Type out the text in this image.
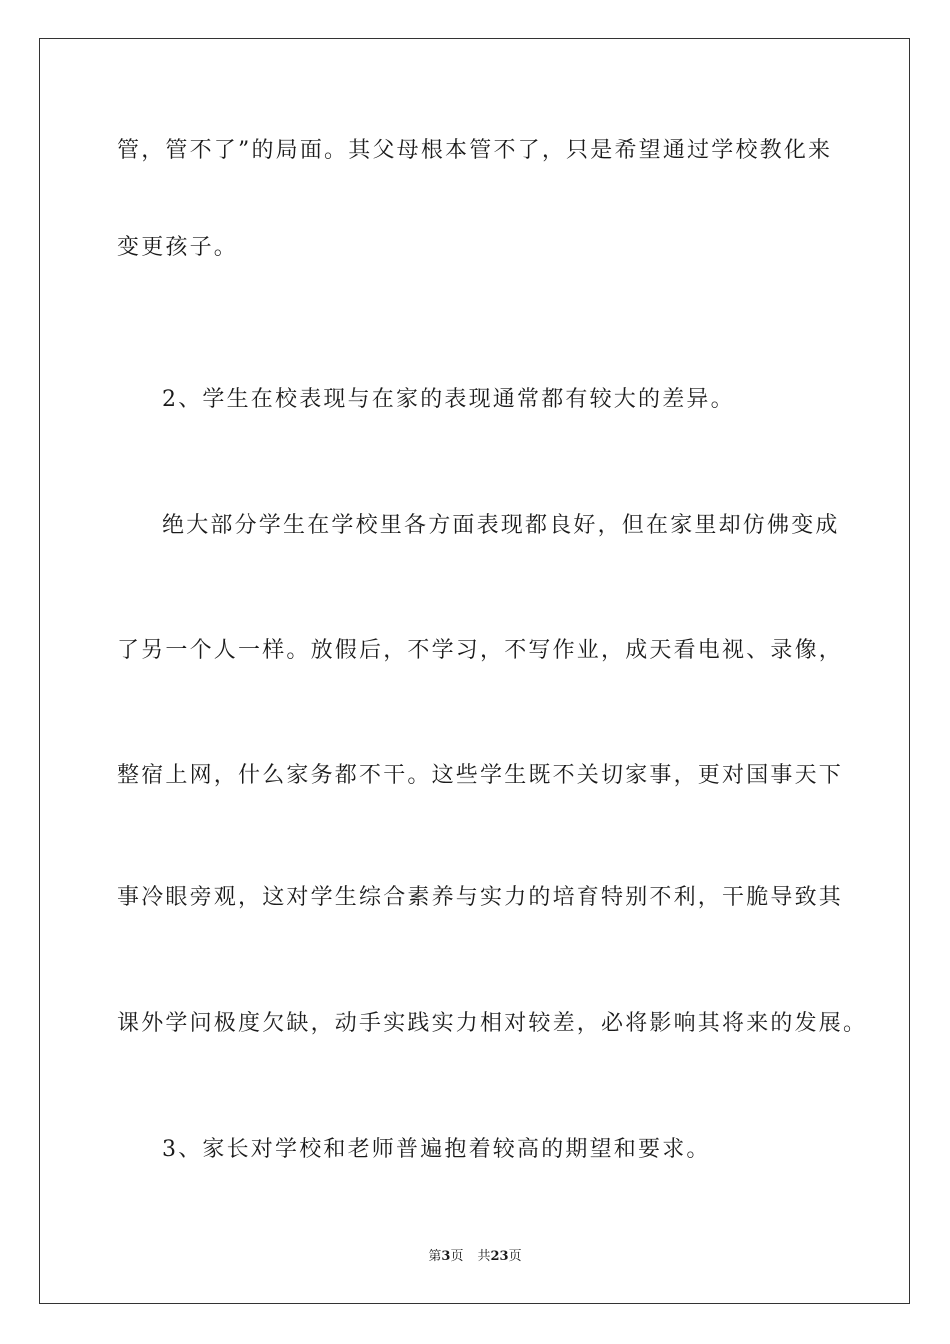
管，管不了”的局面。其父母根本管不了，只是希望通过学校教化来
变更孩子。
2、学生在校表现与在家的表现通常都有较大的差异。
绝大部分学生在学校里各方面表现都良好，但在家里却仿佛变成
了另一个人一样。放假后，不学习，不写作业，成天看电视、录像，
整宿上网，什么家务都不干。这些学生既不关切家事，更对国事天下
事冷眼旁观，这对学生综合素养与实力的培育特别不利，干脆导致其
课外学问极度欠缺，动手实践实力相对较差，必将影响其将来的发展。
3、家长对学校和老师普遍抱着较高的期望和要求。
第3页 共23页
